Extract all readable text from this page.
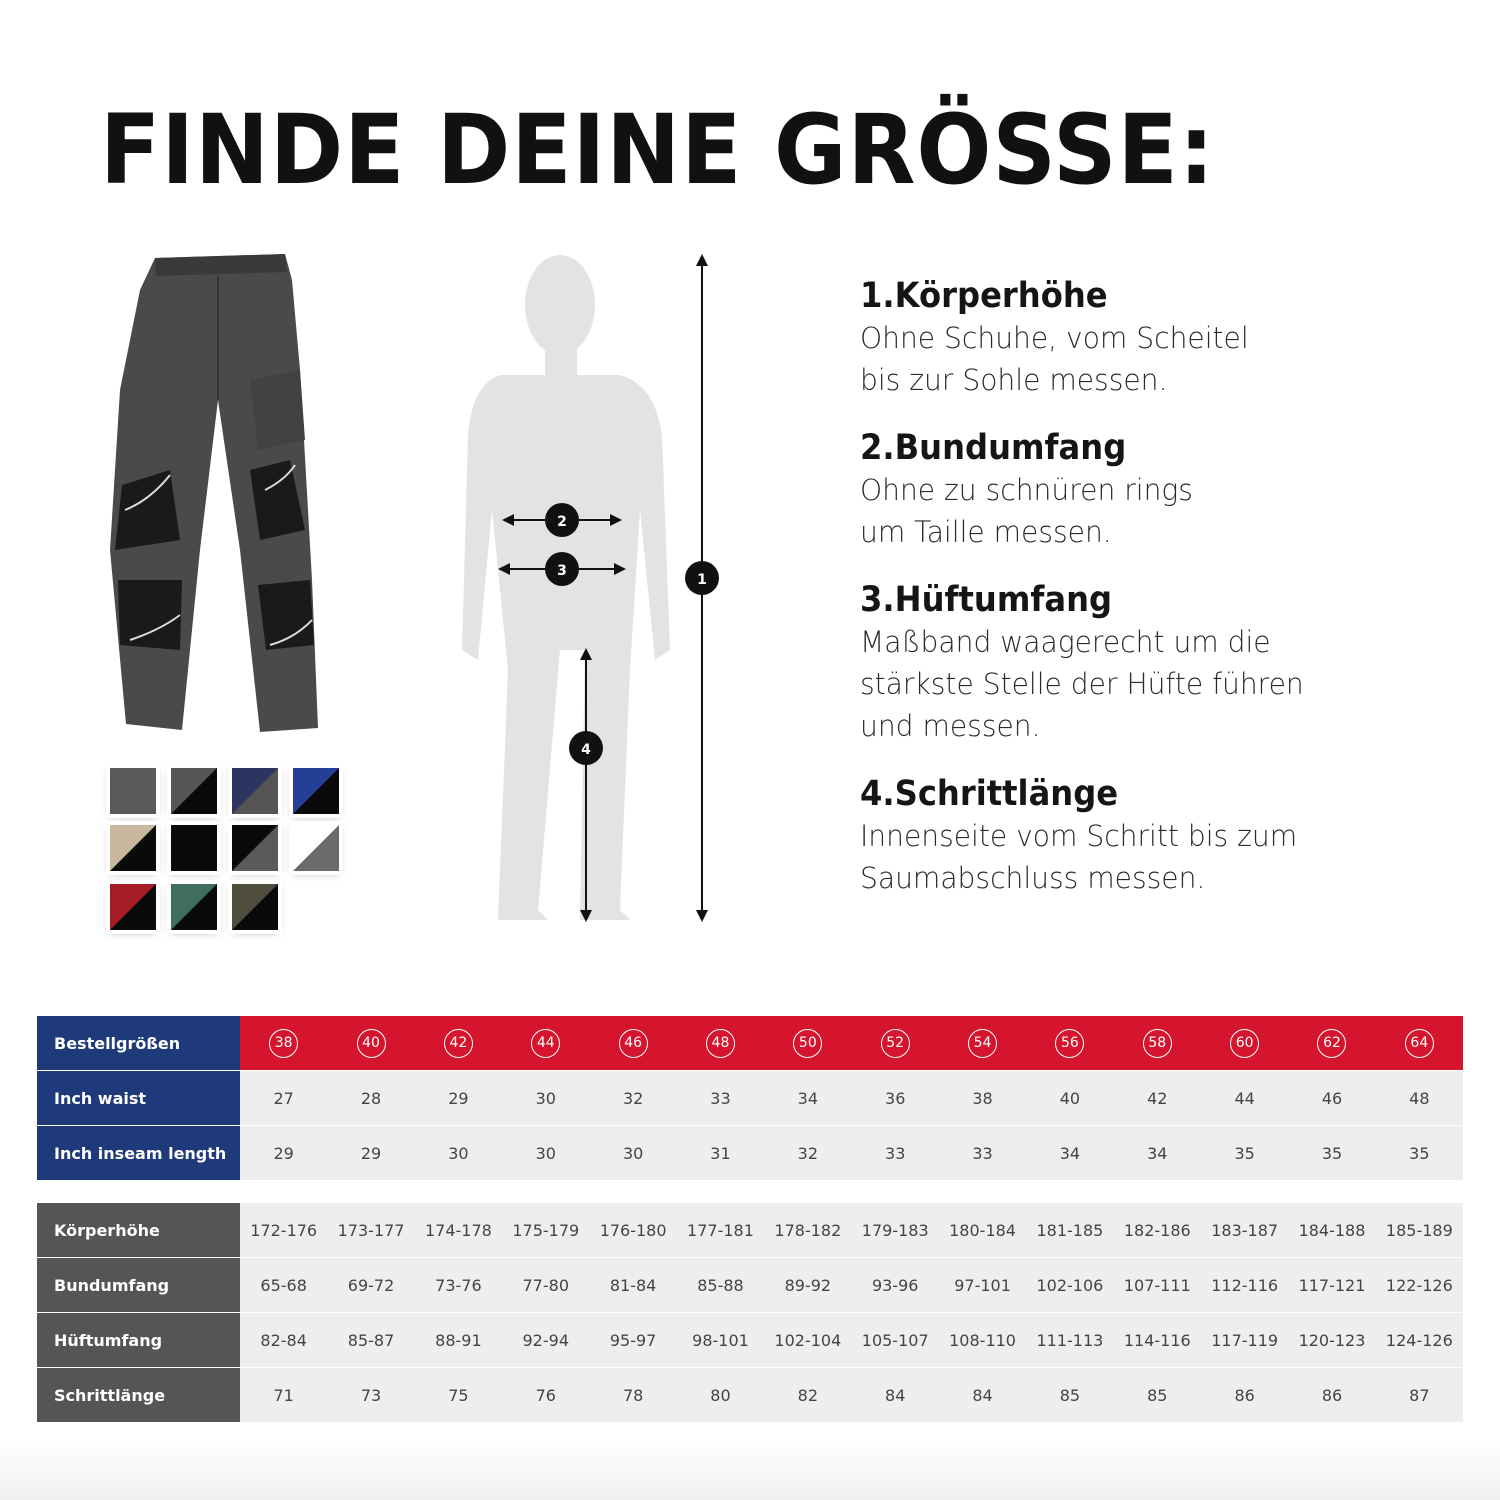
FINDE DEINE GRÖSSE:
1
2
3
4
1.Körperhöhe

Ohne Schuhe, vom Scheitel

bis zur Sohle messen.

2.Bundumfang

Ohne zu schnüren rings

um Taille messen.

3.Hüftumfang

Maßband waagerecht um die

stärkste Stelle der Hüfte führen

und messen.

4.Schrittlänge

Innenseite vom Schritt bis zum

Saumabschluss messen.

Bestellgrößen	38	40	42	44	46	48	50	52	54	56	58	60	62	64
Inch waist	27	28	29	30	32	33	34	36	38	40	42	44	46	48
Inch inseam length	29	29	30	30	30	31	32	33	33	34	34	35	35	35
Körperhöhe	172-176	173-177	174-178	175-179	176-180	177-181	178-182	179-183	180-184	181-185	182-186	183-187	184-188	185-189
Bundumfang	65-68	69-72	73-76	77-80	81-84	85-88	89-92	93-96	97-101	102-106	107-111	112-116	117-121	122-126
Hüftumfang	82-84	85-87	88-91	92-94	95-97	98-101	102-104	105-107	108-110	111-113	114-116	117-119	120-123	124-126
Schrittlänge	71	73	75	76	78	80	82	84	84	85	85	86	86	87
